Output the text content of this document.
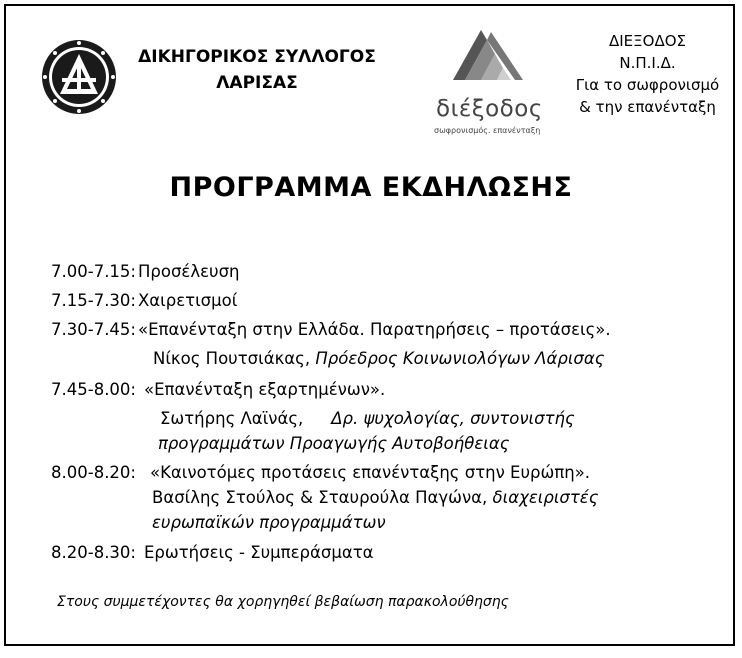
ΔΙΚΗΓΟΡΙΚΟΣ ΣΥΛΛΟΓΟΣ
ΛΑΡΙΣΑΣ
διέξοδος
σωφρονισμός. επανένταξη
ΔΙΕΞΟΔΟΣ
Ν.Π.Ι.Δ.
Για το σωφρονισμό
& την επανένταξη
ΠΡΟΓΡΑΜΜΑ ΕΚΔΗΛΩΣΗΣ
7.00-7.15: Προσέλευση
7.15-7.30: Χαιρετισμοί
7.30-7.45: «Επανένταξη στην Ελλάδα. Παρατηρήσεις – προτάσεις».
Νίκος Πουτσιάκας, Πρόεδρος Κοινωνιολόγων Λάρισας
7.45-8.00: «Επανένταξη εξαρτημένων».
Σωτήρης Λαϊνάς, Δρ. ψυχολογίας, συντονιστής
προγραμμάτων Προαγωγής Αυτοβοήθειας
8.00-8.20: «Καινοτόμες προτάσεις επανένταξης στην Ευρώπη».
Βασίλης Στούλος & Σταυρούλα Παγώνα, διαχειριστές
ευρωπαϊκών προγραμμάτων
8.20-8.30: Ερωτήσεις - Συμπεράσματα
Στους συμμετέχοντες θα χορηγηθεί βεβαίωση παρακολούθησης
